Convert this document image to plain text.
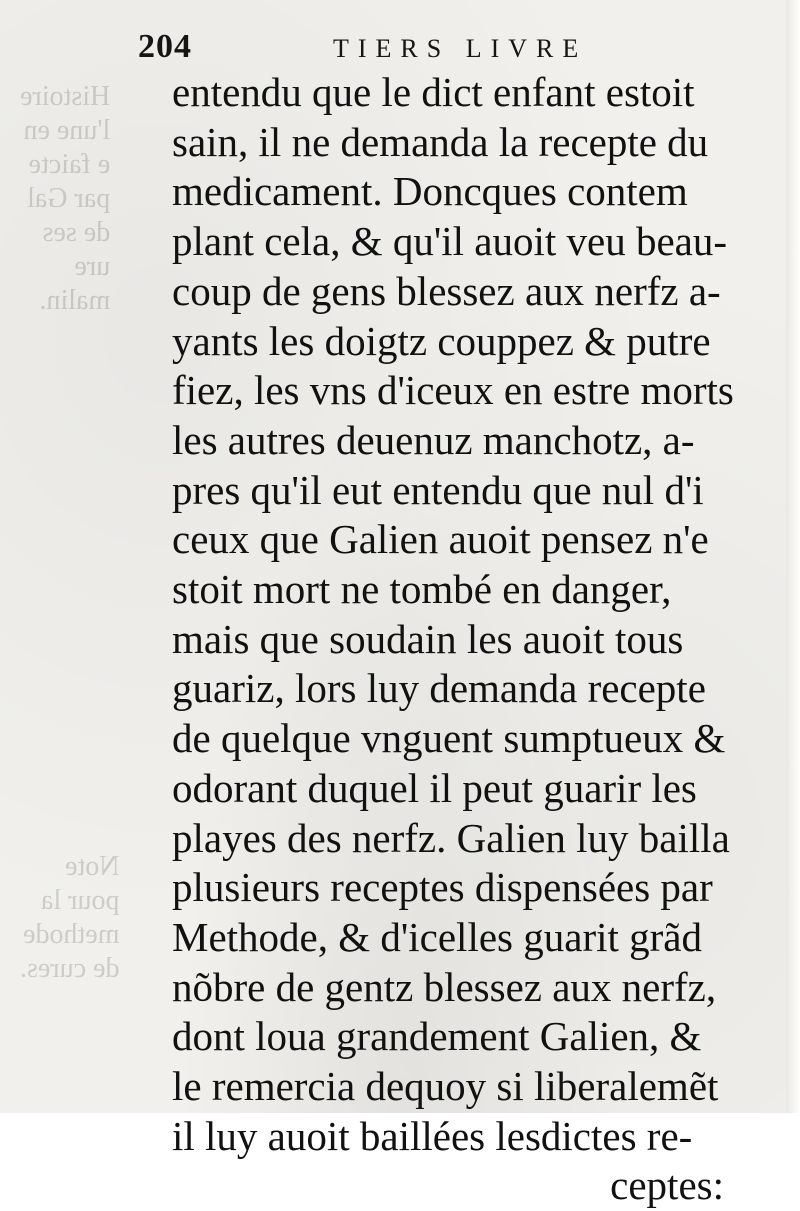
Histoire
l'une en
e faicte
par Gal
de ses
ure
malin.
Note
pour la
methode
de cures.
204	TIERS LIVRE
entendu que le dict enfant estoit
sain, il ne demanda la recepte du
medicament. Doncques contem
plant cela, & qu'il auoit veu beau-
coup de gens blessez aux nerfz a-
yants les doigtz couppez & putre
fiez, les vns d'iceux en estre morts
les autres deuenuz manchotz, a-
pres qu'il eut entendu que nul d'i
ceux que Galien auoit pensez n'e
stoit mort ne tombé en danger,
mais que soudain les auoit tous
guariz, lors luy demanda recepte
de quelque vnguent sumptueux &
odorant duquel il peut guarir les
playes des nerfz. Galien luy bailla
plusieurs receptes dispensées par
Methode, & d'icelles guarit grãd
nõbre de gentz blessez aux nerfz,
dont loua grandement Galien, &
le remercia dequoy si liberalemẽt
il luy auoit baillées lesdictes re-
ceptes:
